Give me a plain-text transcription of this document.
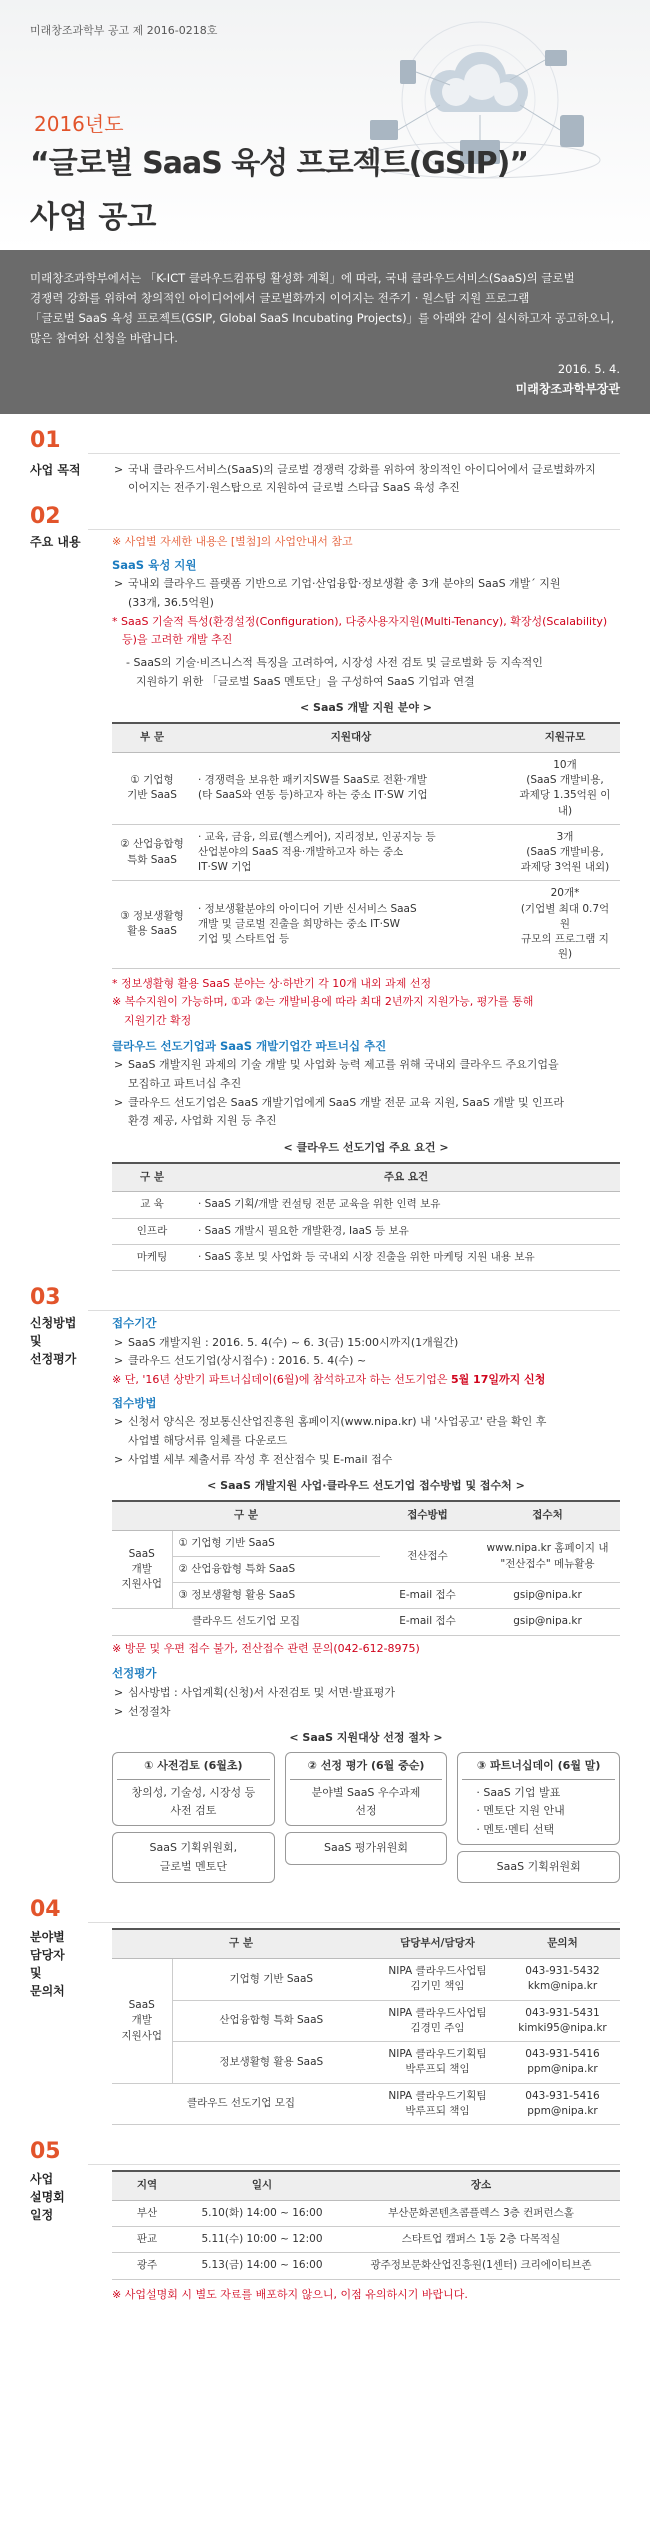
미래창조과학부 공고 제 2016-0218호
2016년도
“글로벌 SaaS 육성 프로젝트(GSIP)”
사업 공고
미래창조과학부에서는 「K-ICT 클라우드컴퓨팅 활성화 계획」에 따라, 국내 클라우드서비스(SaaS)의 글로벌
경쟁력 강화를 위하여 창의적인 아이디어에서 글로벌화까지 이어지는 전주기 · 원스탑 지원 프로그램
「글로벌 SaaS 육성 프로젝트(GSIP, Global SaaS Incubating Projects)」를 아래와 같이 실시하고자 공고하오니,
많은 참여와 신청을 바랍니다.
2016. 5. 4.
미래창조과학부장관
01
사업 목적	> 국내 클라우드서비스(SaaS)의 글로벌 경쟁력 강화를 위하여 창의적인 아이디어에서 글로벌화까지
이어지는 전주기·원스탑으로 지원하여 글로벌 스타급 SaaS 육성 추진
02
주요 내용	※ 사업별 자세한 내용은 [별첨]의 사업안내서 참고
SaaS 육성 지원
> 국내외 클라우드 플랫폼 기반으로 기업·산업융합·정보생활 총 3개 분야의 SaaS 개발ˊ 지원
(33개, 36.5억원)
* SaaS 기술적 특성(환경설정(Configuration), 다중사용자지원(Multi-Tenancy), 확장성(Scalability)
등)을 고려한 개발 추진
- SaaS의 기술·비즈니스적 특징을 고려하여, 시장성 사전 검토 및 글로벌화 등 지속적인
지원하기 위한 「글로벌 SaaS 멘토단」을 구성하여 SaaS 기업과 연결
< SaaS 개발 지원 분야 >
부 문	지원대상	지원규모
① 기업형
기반 SaaS	· 경쟁력을 보유한 패키지SW를 SaaS로 전환·개발
(타 SaaS와 연동 등)하고자 하는 중소 IT·SW 기업	10개
(SaaS 개발비용,
과제당 1.35억원 이내)
② 산업융합형
특화 SaaS	· 교육, 금융, 의료(헬스케어), 지리정보, 인공지능 등
산업분야의 SaaS 적용·개발하고자 하는 중소
IT·SW 기업	3개
(SaaS 개발비용,
과제당 3억원 내외)
③ 정보생활형
활용 SaaS	· 정보생활분야의 아이디어 기반 신서비스 SaaS
개발 및 글로벌 진출을 희망하는 중소 IT·SW
기업 및 스타트업 등	20개*
(기업별 최대 0.7억원
규모의 프로그램 지원)
* 정보생활형 활용 SaaS 분야는 상·하반기 각 10개 내외 과제 선정
※ 복수지원이 가능하며, ①과 ②는 개발비용에 따라 최대 2년까지 지원가능, 평가를 통해
지원기간 확정
클라우드 선도기업과 SaaS 개발기업간 파트너십 추진
> SaaS 개발지원 과제의 기술 개발 및 사업화 능력 제고를 위해 국내외 클라우드 주요기업을
모집하고 파트너십 추진
> 클라우드 선도기업은 SaaS 개발기업에게 SaaS 개발 전문 교육 지원, SaaS 개발 및 인프라
환경 제공, 사업화 지원 등 추진
< 클라우드 선도기업 주요 요건 >
구 분	주요 요건
교 육	· SaaS 기획/개발 컨설팅 전문 교육을 위한 인력 보유
인프라	· SaaS 개발시 필요한 개발환경, IaaS 등 보유
마케팅	· SaaS 홍보 및 사업화 등 국내외 시장 진출을 위한 마케팅 지원 내용 보유
03
신청방법
및
선정평가
접수기간
> SaaS 개발지원 : 2016. 5. 4(수) ~ 6. 3(금) 15:00시까지(1개월간)
> 클라우드 선도기업(상시접수) : 2016. 5. 4(수) ~
※ 단, '16년 상반기 파트너십데이(6월)에 참석하고자 하는 선도기업은 5월 17일까지 신청
접수방법
> 신청서 양식은 정보통신산업진흥원 홈페이지(www.nipa.kr) 내 '사업공고' 란을 확인 후
사업별 해당서류 일체를 다운로드
> 사업별 세부 제출서류 작성 후 전산접수 및 E-mail 접수
< SaaS 개발지원 사업·클라우드 선도기업 접수방법 및 접수처 >
구 분		접수방법	접수처
SaaS
개발
지원사업	① 기업형 기반 SaaS	전산접수	www.nipa.kr 홈페이지 내
"전산접수" 메뉴활용
	② 산업융합형 특화 SaaS		
	③ 정보생활형 활용 SaaS	E-mail 접수	gsip@nipa.kr
클라우드 선도기업 모집		E-mail 접수	gsip@nipa.kr
※ 방문 및 우편 접수 불가, 전산접수 관련 문의(042-612-8975)
선정평가
> 심사방법 : 사업계획(신청)서 사전검토 및 서면·발표평가
> 선정절차
< SaaS 지원대상 선정 절차 >
① 사전검토 (6월초)
창의성, 기술성, 시장성 등
사전 검토
SaaS 기획위원회,
글로벌 멘토단
② 선정 평가 (6월 중순)
분야별 SaaS 우수과제
선정
SaaS 평가위원회
③ 파트너십데이 (6월 말)
· SaaS 기업 발표
· 멘토단 지원 안내
· 멘토·멘티 선택
SaaS 기획위원회
04
분야별
담당자
및
문의처
구 분		담당부서/담당자	문의처
SaaS
개발
지원사업	기업형 기반 SaaS	NIPA 클라우드사업팀
김기민 책임	043-931-5432
kkm@nipa.kr
	산업융합형 특화 SaaS	NIPA 클라우드사업팀
김경민 주임	043-931-5431
kimki95@nipa.kr
	정보생활형 활용 SaaS	NIPA 클라우드기획팀
박루프되 책임	043-931-5416
ppm@nipa.kr
클라우드 선도기업 모집		NIPA 클라우드기획팀
박루프되 책임	043-931-5416
ppm@nipa.kr
05
사업
설명회
일정
지역	일시	장소
부산	5.10(화) 14:00 ~ 16:00	부산문화콘텐츠콤플렉스 3층 컨퍼런스홀
판교	5.11(수) 10:00 ~ 12:00	스타트업 캠퍼스 1동 2층 다목적실
광주	5.13(금) 14:00 ~ 16:00	광주정보문화산업진흥원(1센터) 크리에이티브존
※ 사업설명회 시 별도 자료를 배포하지 않으니, 이점 유의하시기 바랍니다.
